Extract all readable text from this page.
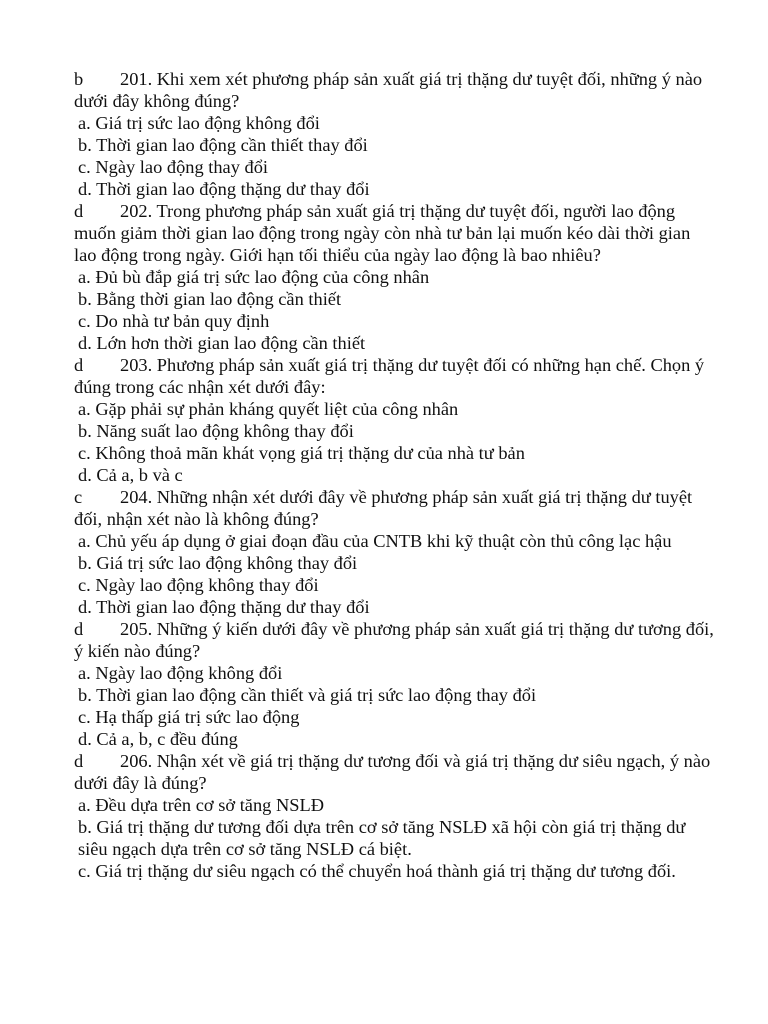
b 201. Khi xem xét phương pháp sản xuất giá trị thặng dư tuyệt đối, những ý nào dưới đây không đúng?
a. Giá trị sức lao động không đổi
b. Thời gian lao động cần thiết thay đổi
c. Ngày lao động thay đổi
d. Thời gian lao động thặng dư thay đổi
d 202. Trong phương pháp sản xuất giá trị thặng dư tuyệt đối, người lao động muốn giảm thời gian lao động trong ngày còn nhà tư bản lại muốn kéo dài thời gian lao động trong ngày. Giới hạn tối thiểu của ngày lao động là bao nhiêu?
a. Đủ bù đắp giá trị sức lao động của công nhân
b. Bằng thời gian lao động cần thiết
c. Do nhà tư bản quy định
d. Lớn hơn thời gian lao động cần thiết
d 203. Phương pháp sản xuất giá trị thặng dư tuyệt đối có những hạn chế. Chọn ý đúng trong các nhận xét dưới đây:
a. Gặp phải sự phản kháng quyết liệt của công nhân
b. Năng suất lao động không thay đổi
c. Không thoả mãn khát vọng giá trị thặng dư của nhà tư bản
d. Cả a, b và c
c 204. Những nhận xét dưới đây về phương pháp sản xuất giá trị thặng dư tuyệt đối, nhận xét nào là không đúng?
a. Chủ yếu áp dụng ở giai đoạn đầu của CNTB khi kỹ thuật còn thủ công lạc hậu
b. Giá trị sức lao động không thay đổi
c. Ngày lao động không thay đổi
d. Thời gian lao động thặng dư thay đổi
d 205. Những ý kiến dưới đây về phương pháp sản xuất giá trị thặng dư tương đối, ý kiến nào đúng?
a. Ngày lao động không đổi
b. Thời gian lao động cần thiết và giá trị sức lao động thay đổi
c. Hạ thấp giá trị sức lao động
d. Cả a, b, c đều đúng
d 206. Nhận xét về giá trị thặng dư tương đối và giá trị thặng dư siêu ngạch, ý nào dưới đây là đúng?
a. Đều dựa trên cơ sở tăng NSLĐ
b. Giá trị thặng dư tương đối dựa trên cơ sở tăng NSLĐ xã hội còn giá trị thặng dư siêu ngạch dựa trên cơ sở tăng NSLĐ cá biệt.
c. Giá trị thặng dư siêu ngạch có thể chuyển hoá thành giá trị thặng dư tương đối.
